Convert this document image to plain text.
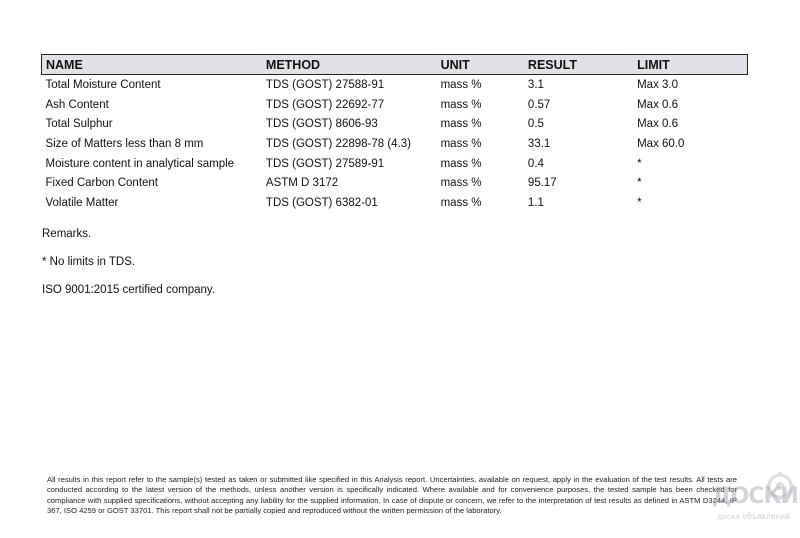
NAME	METHOD	UNIT	RESULT	LIMIT
Total Moisture Content	TDS (GOST) 27588-91	mass %	3.1	Max 3.0
Ash Content	TDS (GOST) 22692-77	mass %	0.57	Max 0.6
Total Sulphur	TDS (GOST) 8606-93	mass %	0.5	Max 0.6
Size of Matters less than 8 mm	TDS (GOST) 22898-78 (4.3)	mass %	33.1	Max 60.0
Moisture content in analytical sample	TDS (GOST) 27589-91	mass %	0.4	*
Fixed Carbon Content	ASTM D 3172	mass %	95.17	*
Volatile Matter	TDS (GOST) 6382-01	mass %	1.1	*
Remarks.
* No limits in TDS.
ISO 9001:2015 certified company.
All results in this report refer to the sample(s) tested as taken or submitted like specified in this Analysis report. Uncertainties, available on request, apply in the evaluation of the test results. All tests are conducted according to the latest version of the methods, unless another version is specifically indicated. Where available and for convenience purposes, the tested sample has been checked for compliance with supplied specifications, without accepting any liability for the supplied information. In case of dispute or concern, we refer to the interpretation of test results as defined in ASTM D3244, IP 367, ISO 4259 or GOST 33701. This report shall not be partially copied and reproduced without the written permission of the laboratory.
ДОСКИ
доска объявлений
